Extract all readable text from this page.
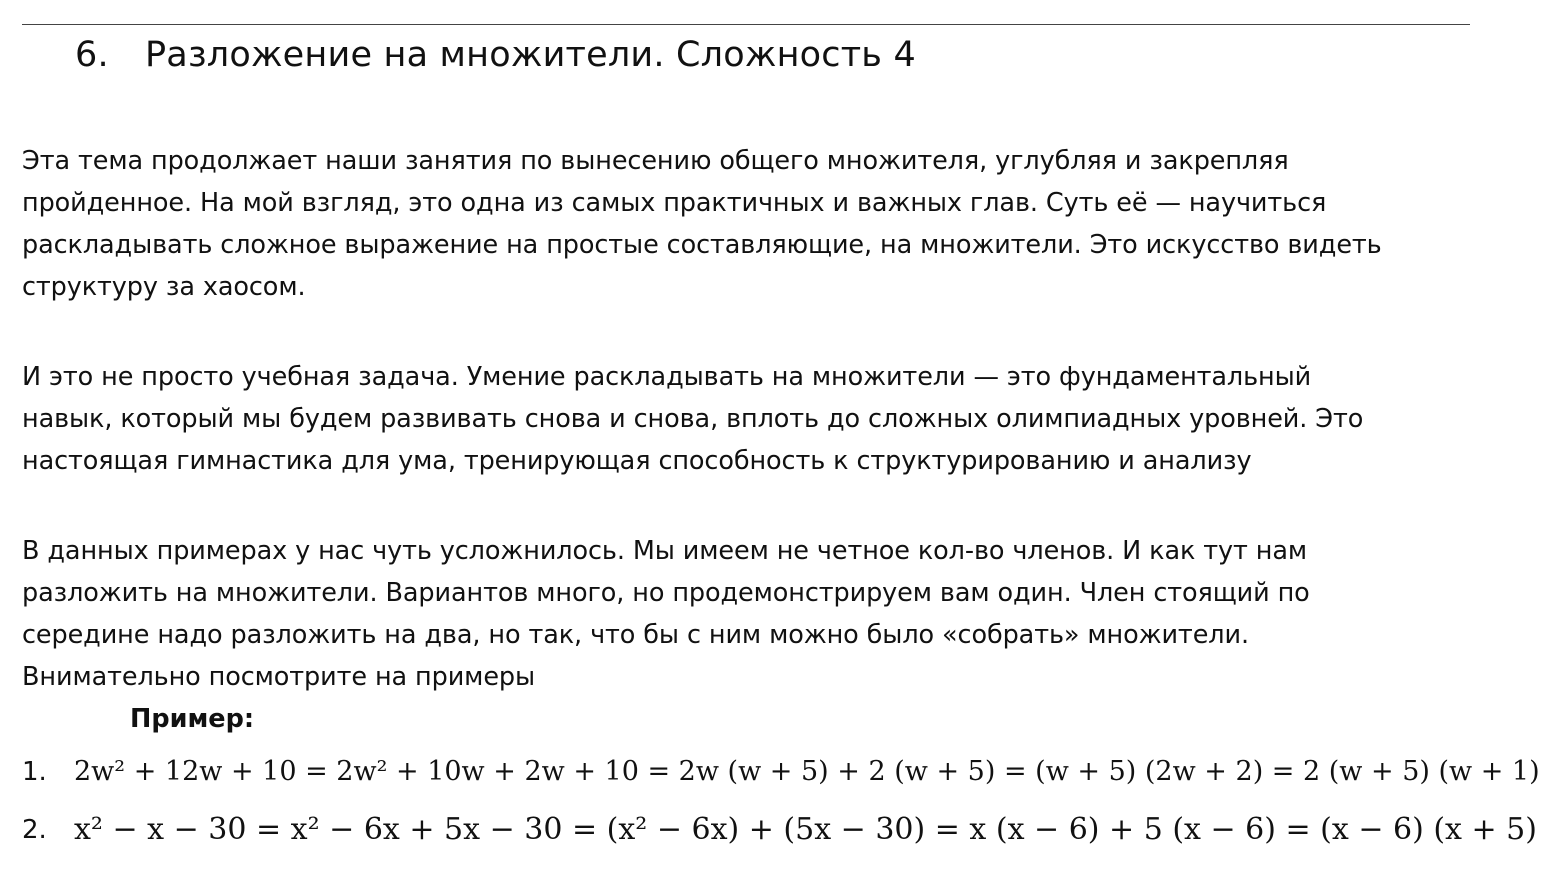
6. Разложение на множители. Сложность 4

Эта тема продолжает наши занятия по вынесению общего множителя, углубляя и закрепляя
пройденное. На мой взгляд, это одна из самых практичных и важных глав. Суть её — научиться
раскладывать сложное выражение на простые составляющие, на множители. Это искусство видеть
структуру за хаосом.

И это не просто учебная задача. Умение раскладывать на множители — это фундаментальный
навык, который мы будем развивать снова и снова, вплоть до сложных олимпиадных уровней. Это
настоящая гимнастика для ума, тренирующая способность к структурированию и анализу

В данных примерах у нас чуть усложнилось. Мы имеем не четное кол-во членов. И как тут нам
разложить на множители. Вариантов много, но продемонстрируем вам один. Член стоящий по
середине надо разложить на два, но так, что бы с ним можно было «собрать» множители.
Внимательно посмотрите на примеры

Пример:
1. 2w² + 12w + 10 = 2w² + 10w + 2w + 10 = 2w (w + 5) + 2 (w + 5) = (w + 5) (2w + 2) = 2 (w + 5) (w + 1)
2. x² − x − 30 = x² − 6x + 5x − 30 = (x² − 6x) + (5x − 30) = x (x − 6) + 5 (x − 6) = (x − 6) (x + 5)
